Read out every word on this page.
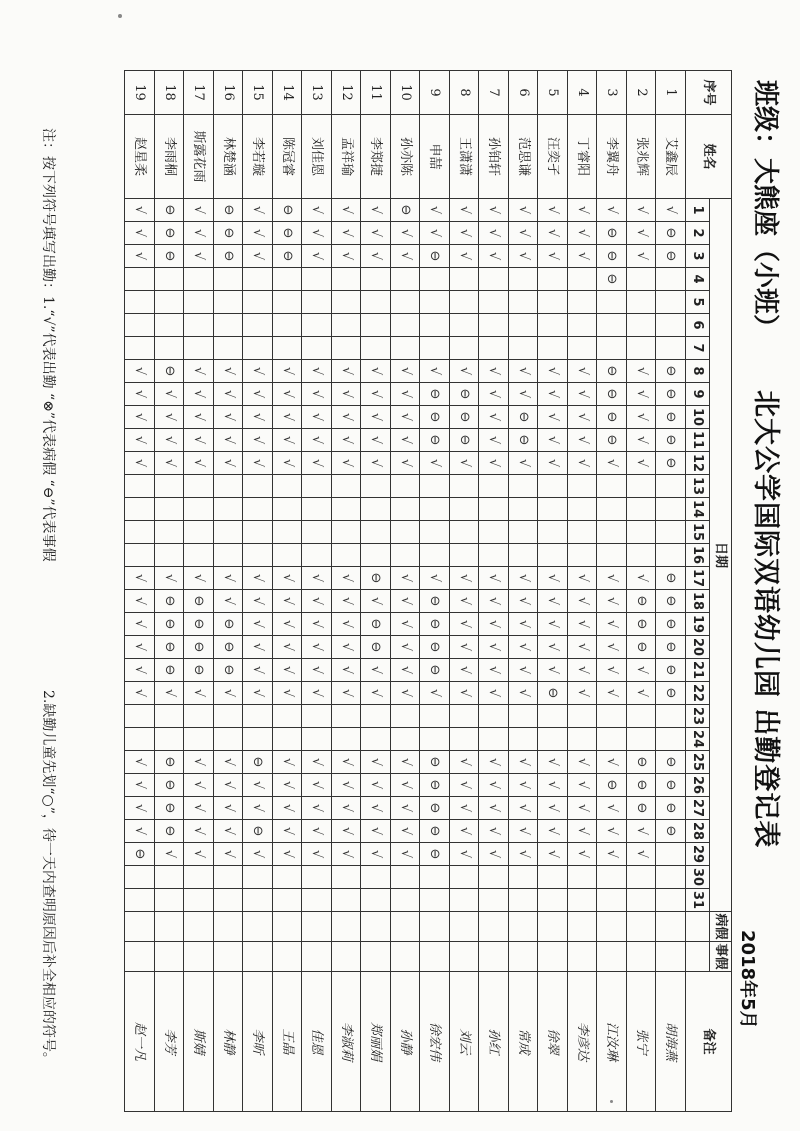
班级：大熊座（小班）
北大公学国际双语幼儿园 出勤登记表
2018年5月
序号	姓名	日期																															病假	事假	备注
		1	2	3	4	5	6	7	8	9	10	11	12	13	14	15	16	17	18	19	20	21	22	23	24	25	26	27	28	29	30	31			
1	艾鑫辰	√	⊖	⊖					⊖	⊖	⊖	⊖	⊖					⊖	⊖	⊖	⊖	⊖	⊖			⊖	⊖	⊖	⊖						胡海燕
2	张兆辉	√	√	√					√	√	√	√	√					√	⊖	⊖	⊖	√	√			⊖	⊖	⊖	√	√					张宁
3	李翼舟	√	⊖	⊖	⊖				⊖	⊖	⊖	⊖	√					√	√	√	√	√	√			√	⊖	√	√	√					江汝琳
4	丁睿阳	√	√	√					√	√	√	√	√					√	√	√	√	√	√			√	√	√	√	√					李彦达
5	汪奕孑	√	√	√					√	√	√	√	√					√	√	√	√	√	⊖			√	√	√	√	√					徐翠
6	范思谦	√	√	√					√	√	⊖	⊖	√					√	√	√	√	√	√			√	√	√	√	√					常成
7	孙铂轩	√	√	√					√	√	√	√	√					√	√	√	√	√	√			√	√	√	√	√					孙红
8	王潇潇	√	√	√					√	⊖	⊖	⊖	√					√	√	√	√	√	√			√	√	√	√	√					刘云
9	申喆	√	√	⊖					√	⊖	⊖	⊖	√					√	⊖	⊖	⊖	⊖	√			⊖	⊖	⊖	⊖	⊖					徐宏伟
10	孙亦陈	⊖	√	√					√	√	√	√	√					√	√	√	√	√	√			√	√	√	√	√					孙静
11	李郑捷	√	√	√					√	√	√	√	√					⊖	√	⊖	⊖	√	√			√	√	√	√	√					郑丽娟
12	孟祥瑜	√	√	√					√	√	√	√	√					√	√	√	√	√	√			√	√	√	√	√					李淑莉
13	刘佳恩	√	√	√					√	√	√	√	√					√	√	√	√	√	√			√	√	√	√	√					佳恩
14	陈冠睿	⊖	⊖	⊖					√	√	√	√	√					√	√	√	√	√	√			√	√	√	√	√					王晶
15	李若璇	√	√	√					√	√	√	√	√					√	√	√	√	√	√			⊖	√	√	⊖	√					李昕
16	林楚涵	⊖	⊖	⊖					√	√	√	√	√					√	√	⊖	⊖	⊖	√			√	√	√	√	√					林静
17	斯露花雨	√	√	√					√	√	√	√	√					√	⊖	⊖	⊖	⊖	√			√	√	√	√	√					斯婧
18	李雨桐	⊖	⊖	⊖					⊖	√	√	√	√					√	⊖	⊖	⊖	⊖	√			⊖	⊖	⊖	⊖	√					李芳
19	赵星柔	√	√	√					√	√	√	√	√					√	√	√	√	√	√			√	√	√	√	⊖					赵一凡
注：按下列符号填写出勤：1.“√”代表出勤 “⊗”代表病假 “⊖”代表事假
2.缺勤儿童先划“○”，待一天内查明原因后补全相应的符号。
